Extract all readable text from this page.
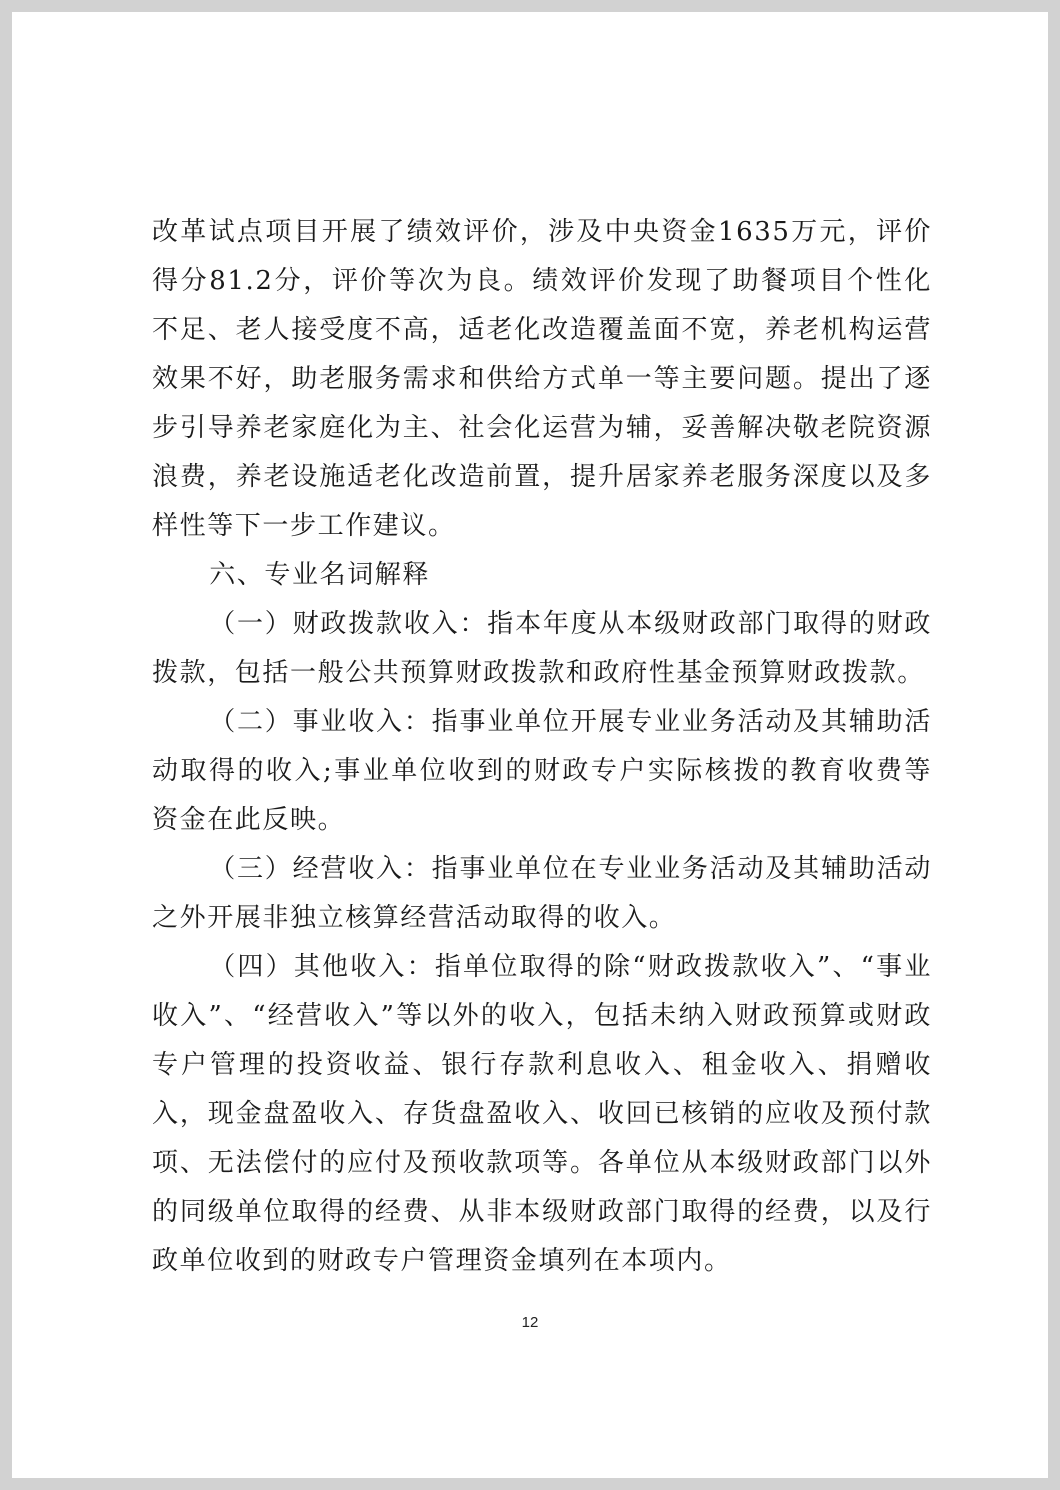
改革试点项目开展了绩效评价，涉及中央资金1635万元，评价得分81.2分，评价等次为良。绩效评价发现了助餐项目个性化不足、老人接受度不高，适老化改造覆盖面不宽，养老机构运营效果不好，助老服务需求和供给方式单一等主要问题。提出了逐步引导养老家庭化为主、社会化运营为辅，妥善解决敬老院资源浪费，养老设施适老化改造前置，提升居家养老服务深度以及多样性等下一步工作建议。

六、专业名词解释

（一）财政拨款收入：指本年度从本级财政部门取得的财政拨款，包括一般公共预算财政拨款和政府性基金预算财政拨款。

（二）事业收入：指事业单位开展专业业务活动及其辅助活动取得的收入;事业单位收到的财政专户实际核拨的教育收费等资金在此反映。

（三）经营收入：指事业单位在专业业务活动及其辅助活动之外开展非独立核算经营活动取得的收入。

（四）其他收入：指单位取得的除“财政拨款收入”、“事业收入”、“经营收入”等以外的收入，包括未纳入财政预算或财政专户管理的投资收益、银行存款利息收入、租金收入、捐赠收入，现金盘盈收入、存货盘盈收入、收回已核销的应收及预付款项、无法偿付的应付及预收款项等。各单位从本级财政部门以外的同级单位取得的经费、从非本级财政部门取得的经费，以及行政单位收到的财政专户管理资金填列在本项内。

12
